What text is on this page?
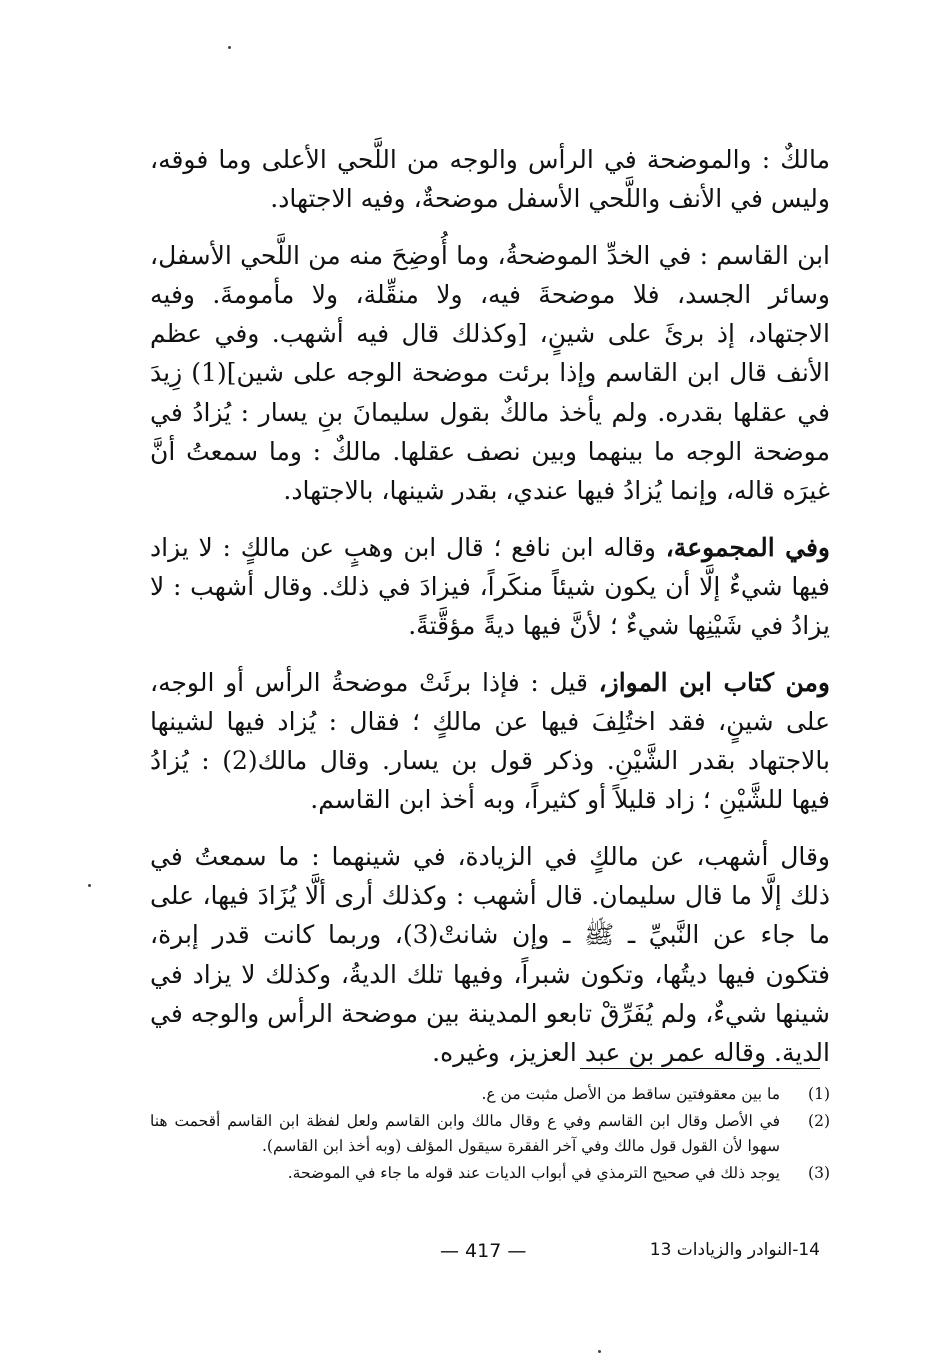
مالكٌ : والموضحة في الرأس والوجه من اللَّحي الأعلى وما فوقه، وليس في الأنف واللَّحي الأسفل موضحةٌ، وفيه الاجتهاد.

ابن القاسم : في الخدِّ الموضحةُ، وما أُوضِحَ منه من اللَّحي الأسفل، وسائر الجسد، فلا موضحةَ فيه، ولا منقِّلة، ولا مأمومةَ. وفيه الاجتهاد، إذ برئَ على شينٍ، [وكذلك قال فيه أشهب. وفي عظم الأنف قال ابن القاسم وإذا برئت موضحة الوجه على شين](1) زِيدَ في عقلها بقدره. ولم يأخذ مالكٌ بقول سليمانَ بنِ يسار : يُزادُ في موضحة الوجه ما بينهما وبين نصف عقلها. مالكٌ : وما سمعتُ أنَّ غيرَه قاله، وإنما يُزادُ فيها عندي، بقدر شينها، بالاجتهاد.

وفي المجموعة، وقاله ابن نافع ؛ قال ابن وهبٍ عن مالكٍ : لا يزاد فيها شيءٌ إلَّا أن يكون شيئاً منكَراً، فيزادَ في ذلك. وقال أشهب : لا يزادُ في شَيْنِها شيءٌ ؛ لأنَّ فيها ديةً مؤقَّتةً.

ومن كتاب ابن المواز، قيل : فإذا برئَتْ موضحةُ الرأس أو الوجه، على شينٍ، فقد اختُلِفَ فيها عن مالكٍ ؛ فقال : يُزاد فيها لشينها بالاجتهاد بقدر الشَّيْنِ. وذكر قول بن يسار. وقال مالك(2) : يُزادُ فيها للشَّيْنِ ؛ زاد قليلاً أو كثيراً، وبه أخذ ابن القاسم.

وقال أشهب، عن مالكٍ في الزيادة، في شينهما : ما سمعتُ في ذلك إلَّا ما قال سليمان. قال أشهب : وكذلك أرى ألَّا يُزَادَ فيها، على ما جاء عن النَّبيِّ ـ ﷺ ـ وإن شانتْ(3)، وربما كانت قدر إبرة، فتكون فيها ديتُها، وتكون شبراً، وفيها تلك الديةُ، وكذلك لا يزاد في شينها شيءٌ، ولم يُفَرِّقْ تابعو المدينة بين موضحة الرأس والوجه في الدية. وقاله عمر بن عبد العزيز، وغيره.

(1)
ما بين معقوفتين ساقط من الأصل مثبت من ع.
(2)
في الأصل وقال ابن القاسم وفي ع وقال مالك وابن القاسم ولعل لفظة ابن القاسم أقحمت هنا سهوا لأن القول قول مالك وفي آخر الفقرة سيقول المؤلف (وبه أخذ ابن القاسم).
(3)
يوجد ذلك في صحيح الترمذي في أبواب الديات عند قوله ما جاء في الموضحة.
14-النوادر والزيادات 13
— 417 —
